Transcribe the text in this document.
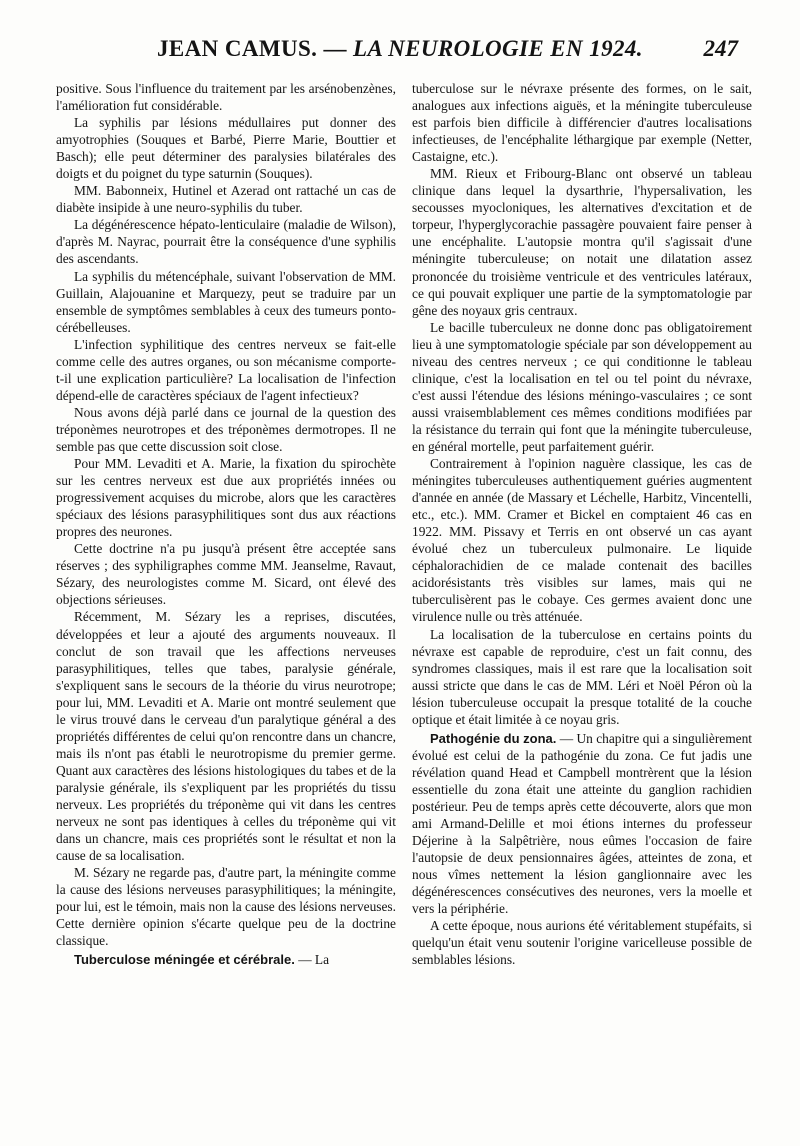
JEAN CAMUS. — LA NEUROLOGIE EN 1924.	247

positive. Sous l'influence du traitement par les arsénobenzènes, l'amélioration fut considérable.

La syphilis par lésions médullaires put donner des amyotrophies (Souques et Barbé, Pierre Marie, Bouttier et Basch); elle peut déterminer des paralysies bilatérales des doigts et du poignet du type saturnin (Souques).

MM. Babonneix, Hutinel et Azerad ont rattaché un cas de diabète insipide à une neuro-syphilis du tuber.

La dégénérescence hépato-lenticulaire (maladie de Wilson), d'après M. Nayrac, pourrait être la conséquence d'une syphilis des ascendants.

La syphilis du métencéphale, suivant l'observation de MM. Guillain, Alajouanine et Marquezy, peut se traduire par un ensemble de symptômes semblables à ceux des tumeurs ponto-cérébelleuses.

L'infection syphilitique des centres nerveux se fait-elle comme celle des autres organes, ou son mécanisme comporte-t-il une explication particulière? La localisation de l'infection dépend-elle de caractères spéciaux de l'agent infectieux?

Nous avons déjà parlé dans ce journal de la question des tréponèmes neurotropes et des tréponèmes dermotropes. Il ne semble pas que cette discussion soit close.

Pour MM. Levaditi et A. Marie, la fixation du spirochète sur les centres nerveux est due aux propriétés innées ou progressivement acquises du microbe, alors que les caractères spéciaux des lésions parasyphilitiques sont dus aux réactions propres des neurones.

Cette doctrine n'a pu jusqu'à présent être acceptée sans réserves ; des syphiligraphes comme MM. Jeanselme, Ravaut, Sézary, des neurologistes comme M. Sicard, ont élevé des objections sérieuses.

Récemment, M. Sézary les a reprises, discutées, développées et leur a ajouté des arguments nouveaux. Il conclut de son travail que les affections nerveuses parasyphilitiques, telles que tabes, paralysie générale, s'expliquent sans le secours de la théorie du virus neurotrope; pour lui, MM. Levaditi et A. Marie ont montré seulement que le virus trouvé dans le cerveau d'un paralytique général a des propriétés différentes de celui qu'on rencontre dans un chancre, mais ils n'ont pas établi le neurotropisme du premier germe. Quant aux caractères des lésions histologiques du tabes et de la paralysie générale, ils s'expliquent par les propriétés du tissu nerveux. Les propriétés du tréponème qui vit dans les centres nerveux ne sont pas identiques à celles du tréponème qui vit dans un chancre, mais ces propriétés sont le résultat et non la cause de sa localisation.

M. Sézary ne regarde pas, d'autre part, la méningite comme la cause des lésions nerveuses parasyphilitiques; la méningite, pour lui, est le témoin, mais non la cause des lésions nerveuses. Cette dernière opinion s'écarte quelque peu de la doctrine classique.

Tuberculose méningée et cérébrale. — La

tuberculose sur le névraxe présente des formes, on le sait, analogues aux infections aiguës, et la méningite tuberculeuse est parfois bien difficile à différencier d'autres localisations infectieuses, de l'encéphalite léthargique par exemple (Netter, Castaigne, etc.).

MM. Rieux et Fribourg-Blanc ont observé un tableau clinique dans lequel la dysarthrie, l'hypersalivation, les secousses myocloniques, les alternatives d'excitation et de torpeur, l'hyperglycorachie passagère pouvaient faire penser à une encéphalite. L'autopsie montra qu'il s'agissait d'une méningite tuberculeuse; on notait une dilatation assez prononcée du troisième ventricule et des ventricules latéraux, ce qui pouvait expliquer une partie de la symptomatologie par gêne des noyaux gris centraux.

Le bacille tuberculeux ne donne donc pas obligatoirement lieu à une symptomatologie spéciale par son développement au niveau des centres nerveux ; ce qui conditionne le tableau clinique, c'est la localisation en tel ou tel point du névraxe, c'est aussi l'étendue des lésions méningo-vasculaires ; ce sont aussi vraisemblablement ces mêmes conditions modifiées par la résistance du terrain qui font que la méningite tuberculeuse, en général mortelle, peut parfaitement guérir.

Contrairement à l'opinion naguère classique, les cas de méningites tuberculeuses authentiquement guéries augmentent d'année en année (de Massary et Léchelle, Harbitz, Vincentelli, etc., etc.). MM. Cramer et Bickel en comptaient 46 cas en 1922. MM. Pissavy et Terris en ont observé un cas ayant évolué chez un tuberculeux pulmonaire. Le liquide céphalorachidien de ce malade contenait des bacilles acidorésistants très visibles sur lames, mais qui ne tuberculisèrent pas le cobaye. Ces germes avaient donc une virulence nulle ou très atténuée.

La localisation de la tuberculose en certains points du névraxe est capable de reproduire, c'est un fait connu, des syndromes classiques, mais il est rare que la localisation soit aussi stricte que dans le cas de MM. Léri et Noël Péron où la lésion tuberculeuse occupait la presque totalité de la couche optique et était limitée à ce noyau gris.

Pathogénie du zona. — Un chapitre qui a singulièrement évolué est celui de la pathogénie du zona. Ce fut jadis une révélation quand Head et Campbell montrèrent que la lésion essentielle du zona était une atteinte du ganglion rachidien postérieur. Peu de temps après cette découverte, alors que mon ami Armand-Delille et moi étions internes du professeur Déjerine à la Salpêtrière, nous eûmes l'occasion de faire l'autopsie de deux pensionnaires âgées, atteintes de zona, et nous vîmes nettement la lésion ganglionnaire avec les dégénérescences consécutives des neurones, vers la moelle et vers la périphérie.

A cette époque, nous aurions été véritablement stupéfaits, si quelqu'un était venu soutenir l'origine varicelleuse possible de semblables lésions.
